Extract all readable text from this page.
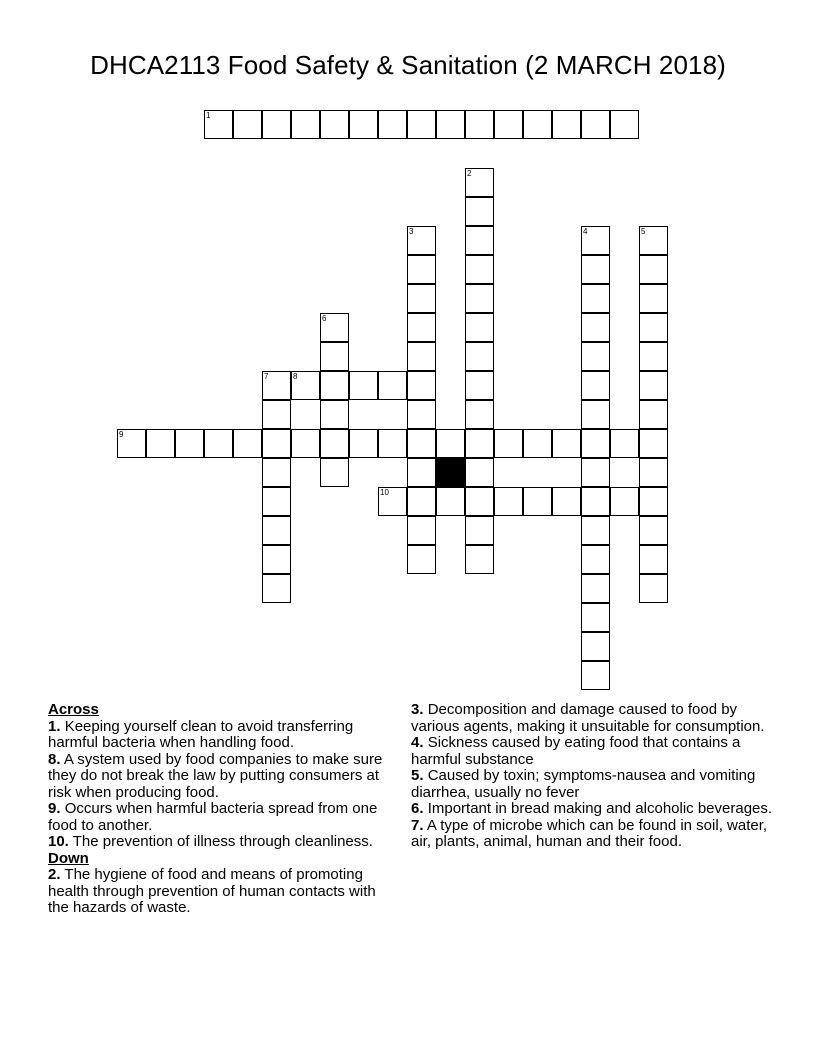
DHCA2113 Food Safety & Sanitation (2 MARCH 2018)
1
2
3	4	5
6
7	8
9
10
Across
1. Keeping yourself clean to avoid transferring harmful bacteria when handling food.
8. A system used by food companies to make sure they do not break the law by putting consumers at risk when producing food.
9. Occurs when harmful bacteria spread from one food to another.
10. The prevention of illness through cleanliness.
Down
2. The hygiene of food and means of promoting health through prevention of human contacts with the hazards of waste.
3. Decomposition and damage caused to food by various agents, making it unsuitable for consumption.
4. Sickness caused by eating food that contains a harmful substance
5. Caused by toxin; symptoms-nausea and vomiting diarrhea, usually no fever
6. Important in bread making and alcoholic beverages.
7. A type of microbe which can be found in soil, water, air, plants, animal, human and their food.
